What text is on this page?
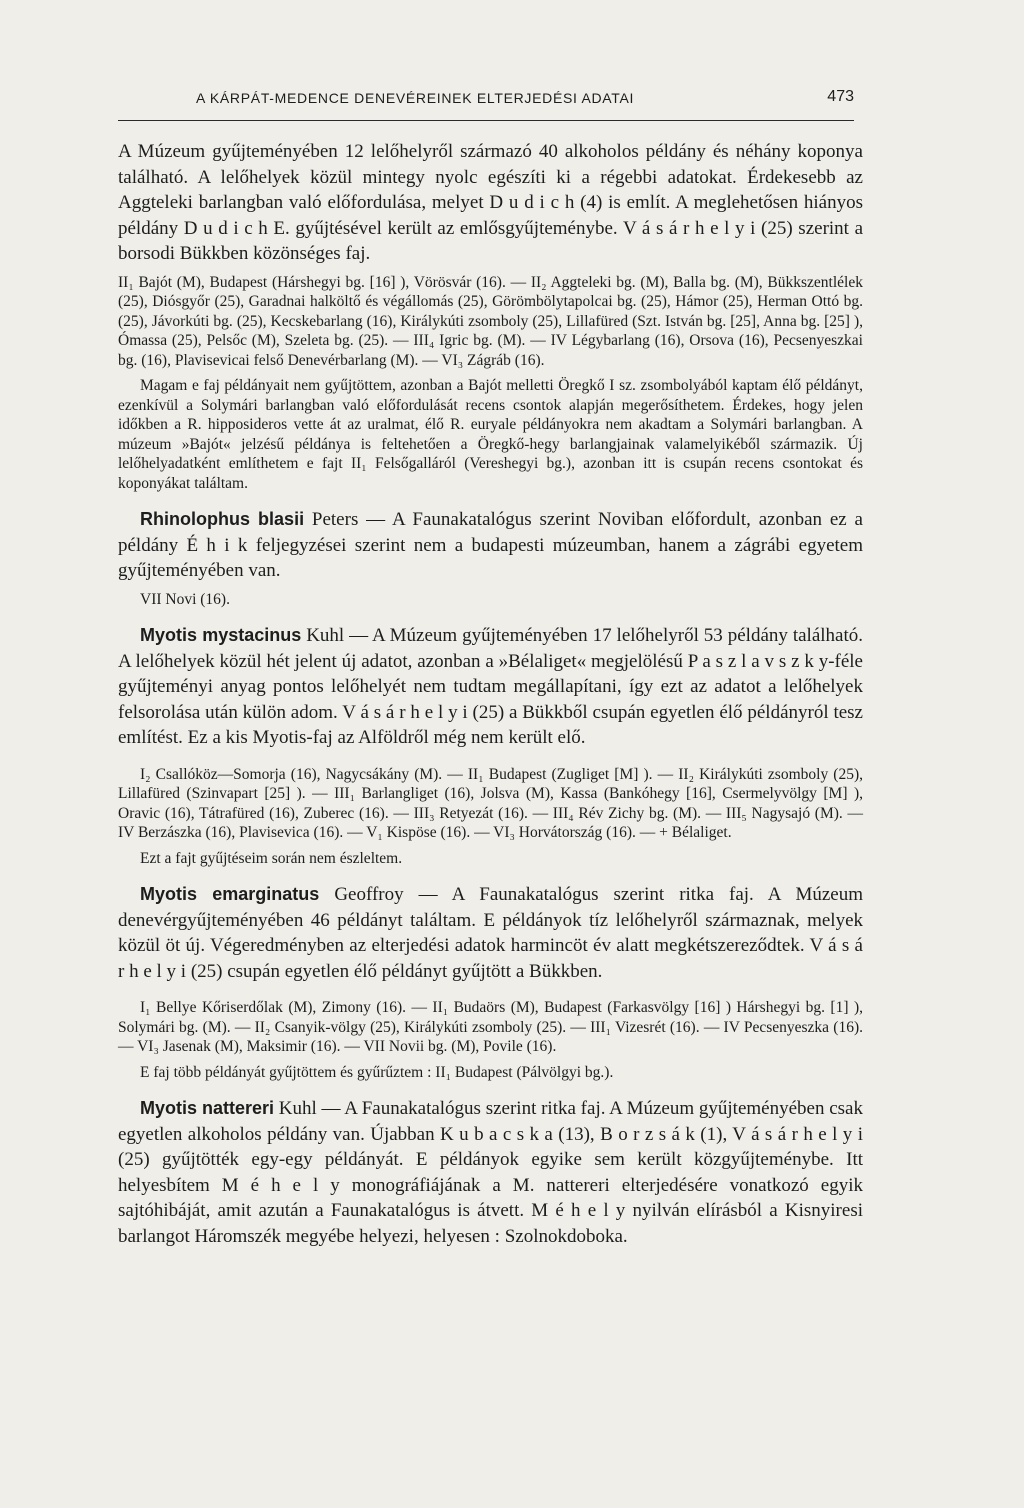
A KÁRPÁT-MEDENCE DENEVÉREINEK ELTERJEDÉSI ADATAI	473

A Múzeum gyűjteményében 12 lelőhelyről származó 40 alkoholos példány és néhány koponya található. A lelőhelyek közül mintegy nyolc egészíti ki a régebbi adatokat. Érdekesebb az Aggteleki barlangban való előfordulása, melyet D u d i c h (4) is említ. A meglehetősen hiányos példány D u d i c h E. gyűjtésével került az emlősgyűjteménybe. V á s á r h e l y i (25) szerint a borsodi Bükkben közönséges faj.

II₁ Bajót (M), Budapest (Hárshegyi bg. [16] ), Vörösvár (16). — II₂ Aggteleki bg. (M), Balla bg. (M), Bükkszentlélek (25), Diósgyőr (25), Garadnai halköltő és végállomás (25), Görömbölytapolcai bg. (25), Hámor (25), Herman Ottó bg. (25), Jávorkúti bg. (25), Kecskebarlang (16), Királykúti zsomboly (25), Lillafüred (Szt. István bg. [25], Anna bg. [25] ), Ómassa (25), Pelsőc (M), Szeleta bg. (25). — III₄ Igric bg. (M). — IV Légybarlang (16), Orsova (16), Pecsenyeszkai bg. (16), Plavisevicai felső Denevérbarlang (M). — VI₃ Zágráb (16).

Magam e faj példányait nem gyűjtöttem, azonban a Bajót melletti Öregkő I sz. zsombolyából kaptam élő példányt, ezenkívül a Solymári barlangban való előfordulását recens csontok alapján megerősíthetem. Érdekes, hogy jelen időkben a R. hipposideros vette át az uralmat, élő R. euryale példányokra nem akadtam a Solymári barlangban. A múzeum »Bajót« jelzésű példánya is feltehetően a Öregkő-hegy barlangjainak valamelyikéből származik. Új lelőhelyadatként említhetem e fajt II₁ Felsőgalláról (Vereshegyi bg.), azonban itt is csupán recens csontokat és koponyákat találtam.

Rhinolophus blasii Peters — A Faunakatalógus szerint Noviban előfordult, azonban ez a példány É h i k feljegyzései szerint nem a budapesti múzeumban, hanem a zágrábi egyetem gyűjteményében van.

VII Novi (16).

Myotis mystacinus Kuhl — A Múzeum gyűjteményében 17 lelőhelyről 53 példány található. A lelőhelyek közül hét jelent új adatot, azonban a »Bélaliget« megjelölésű P a s z l a v s z k y-féle gyűjteményi anyag pontos lelőhelyét nem tudtam megállapítani, így ezt az adatot a lelőhelyek felsorolása után külön adom. V á s á r h e l y i (25) a Bükkből csupán egyetlen élő példányról tesz említést. Ez a kis Myotis-faj az Alföldről még nem került elő.

I₂ Csallóköz—Somorja (16), Nagycsákány (M). — II₁ Budapest (Zugliget [M] ). — II₂ Királykúti zsomboly (25), Lillafüred (Szinvapart [25] ). — III₁ Barlangliget (16), Jolsva (M), Kassa (Bankóhegy [16], Csermelyvölgy [M] ), Oravic (16), Tátrafüred (16), Zuberec (16). — III₃ Retyezát (16). — III₄ Rév Zichy bg. (M). — III₅ Nagysajó (M). — IV Berzászka (16), Plavisevica (16). — V₁ Kispöse (16). — VI₃ Horvátország (16). — + Bélaliget.

Ezt a fajt gyűjtéseim során nem észleltem.

Myotis emarginatus Geoffroy — A Faunakatalógus szerint ritka faj. A Múzeum denevérgyűjteményében 46 példányt találtam. E példányok tíz lelőhelyről származnak, melyek közül öt új. Végeredményben az elterjedési adatok harmincöt év alatt megkétszereződtek. V á s á r h e l y i (25) csupán egyetlen élő példányt gyűjtött a Bükkben.

I₁ Bellye Kőriserdőlak (M), Zimony (16). — II₁ Budaörs (M), Budapest (Farkasvölgy [16] ) Hárshegyi bg. [1] ), Solymári bg. (M). — II₂ Csanyik-völgy (25), Királykúti zsomboly (25). — III₁ Vizesrét (16). — IV Pecsenyeszka (16). — VI₃ Jasenak (M), Maksimir (16). — VII Novii bg. (M), Povile (16).

E faj több példányát gyűjtöttem és gyűrűztem : II₁ Budapest (Pálvölgyi bg.).

Myotis nattereri Kuhl — A Faunakatalógus szerint ritka faj. A Múzeum gyűjteményében csak egyetlen alkoholos példány van. Újabban K u b a c s k a (13), B o r z s á k (1), V á s á r h e l y i (25) gyűjtötték egy-egy példányát. E példányok egyike sem került közgyűjteménybe. Itt helyesbítem M é h e l y monográfiájának a M. nattereri elterjedésére vonatkozó egyik sajtóhibáját, amit azután a Faunakatalógus is átvett. M é h e l y nyilván elírásból a Kisnyiresi barlangot Háromszék megyébe helyezi, helyesen : Szolnokdoboka.
